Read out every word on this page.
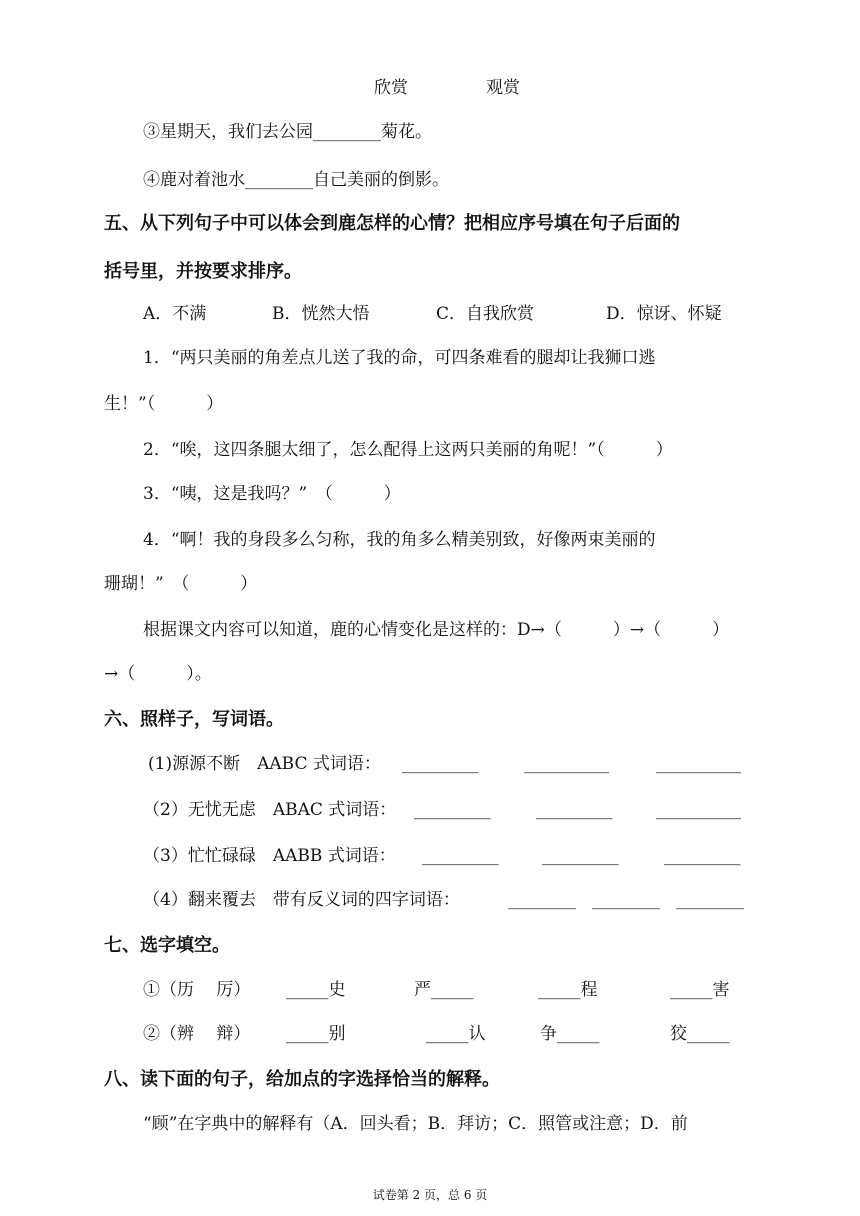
欣赏	观赏
③星期天，我们去公园________菊花。
④鹿对着池水________自己美丽的倒影。
五、从下列句子中可以体会到鹿怎样的心情？把相应序号填在句子后面的
括号里，并按要求排序。
A．不满	B．恍然大悟	C．自我欣赏	D．惊讶、怀疑
1．“两只美丽的角差点儿送了我的命，可四条难看的腿却让我狮口逃
生！”（　　　）
2．“唉，这四条腿太细了，怎么配得上这两只美丽的角呢！”（　　　）
3．“咦，这是我吗？”　（　　　）
4．“啊！我的身段多么匀称，我的角多么精美别致，好像两束美丽的
珊瑚！”　（　　　）
根据课文内容可以知道，鹿的心情变化是这样的：D→（　　　）→（　　　）
→（　　　）。
六、照样子，写词语。
(1)源源不断　AABC 式词语： _________	__________	__________
（2）无忧无虑　ABAC 式词语： _________	_________	__________
（3）忙忙碌碌　AABB 式词语： _________	_________	_________
（4）翻来覆去　带有反义词的四字词语：	________ ________ ________
七、选字填空。
①（历　 厉） _____史	严_____	_____程	_____害
②（辨　 辩） _____别	_____认	争_____	狡_____
八、读下面的句子，给加点的字选择恰当的解释。
“顾”在字典中的解释有（A．回头看；B．拜访；C．照管或注意；D．前
试卷第 2 页，总 6 页
